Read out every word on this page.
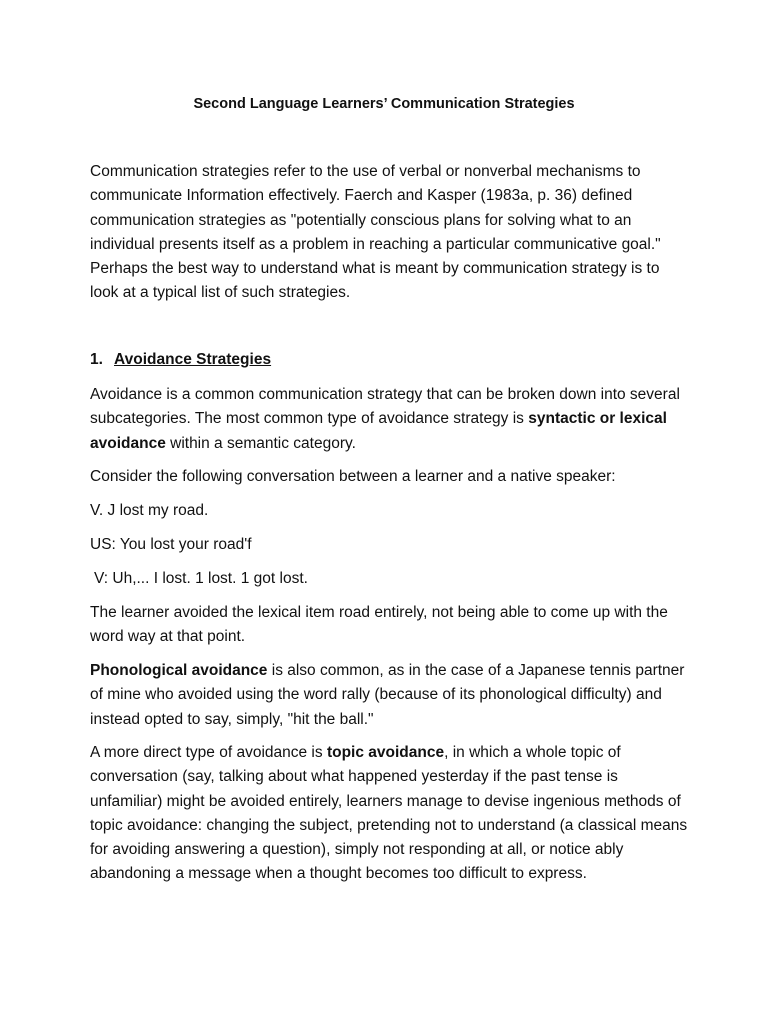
Second Language Learners’ Communication Strategies

Communication strategies refer to the use of verbal or nonverbal mechanisms to communicate Information effectively. Faerch and Kasper (1983a, p. 36) defined communication strategies as "potentially conscious plans for solving what to an individual presents itself as a problem in reaching a particular communicative goal." Perhaps the best way to understand what is meant by communication strategy is to look at a typical list of such strategies.

1. Avoidance Strategies

Avoidance is a common communication strategy that can be broken down into several subcategories. The most common type of avoidance strategy is syntactic or lexical avoidance within a semantic category.

Consider the following conversation between a learner and a native speaker:

V. J lost my road.

US: You lost your road'f

V: Uh,... I lost. 1 lost. 1 got lost.

The learner avoided the lexical item road entirely, not being able to come up with the word way at that point.

Phonological avoidance is also common, as in the case of a Japanese tennis partner of mine who avoided using the word rally (because of its phonological difficulty) and instead opted to say, simply, "hit the ball."

A more direct type of avoidance is topic avoidance, in which a whole topic of conversation (say, talking about what happened yesterday if the past tense is unfamiliar) might be avoided entirely, learners manage to devise ingenious methods of topic avoidance: changing the subject, pretending not to understand (a classical means for avoiding answering a question), simply not responding at all, or notice ably abandoning a message when a thought becomes too difficult to express.
